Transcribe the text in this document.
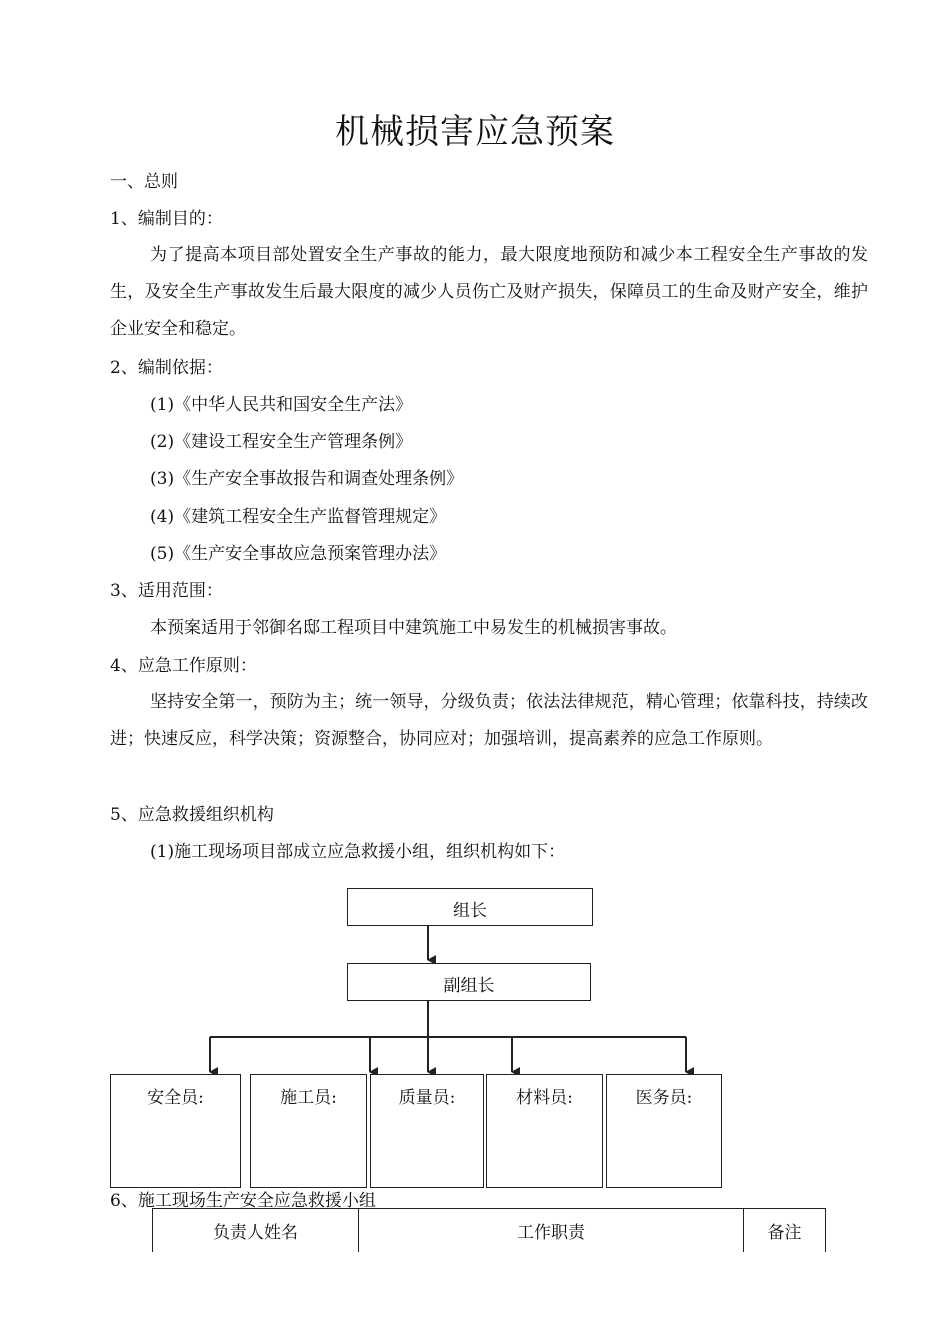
机械损害应急预案
一、总则
1、编制目的：
为了提高本项目部处置安全生产事故的能力，最大限度地预防和减少本工程安全生产事故的发生，及安全生产事故发生后最大限度的减少人员伤亡及财产损失，保障员工的生命及财产安全，维护企业安全和稳定。
2、编制依据：
(1)《中华人民共和国安全生产法》
(2)《建设工程安全生产管理条例》
(3)《生产安全事故报告和调查处理条例》
(4)《建筑工程安全生产监督管理规定》
(5)《生产安全事故应急预案管理办法》
3、适用范围：
本预案适用于邻御名邸工程项目中建筑施工中易发生的机械损害事故。
4、应急工作原则：
坚持安全第一，预防为主；统一领导，分级负责；依法法律规范，精心管理；依靠科技，持续改进；快速反应，科学决策；资源整合，协同应对；加强培训，提高素养的应急工作原则。
5、应急救援组织机构
(1)施工现场项目部成立应急救援小组，组织机构如下：
组长
副组长
安全员:	施工员:	质量员:	材料员:	医务员:
6、施工现场生产安全应急救援小组
负责人姓名	工作职责	备注
